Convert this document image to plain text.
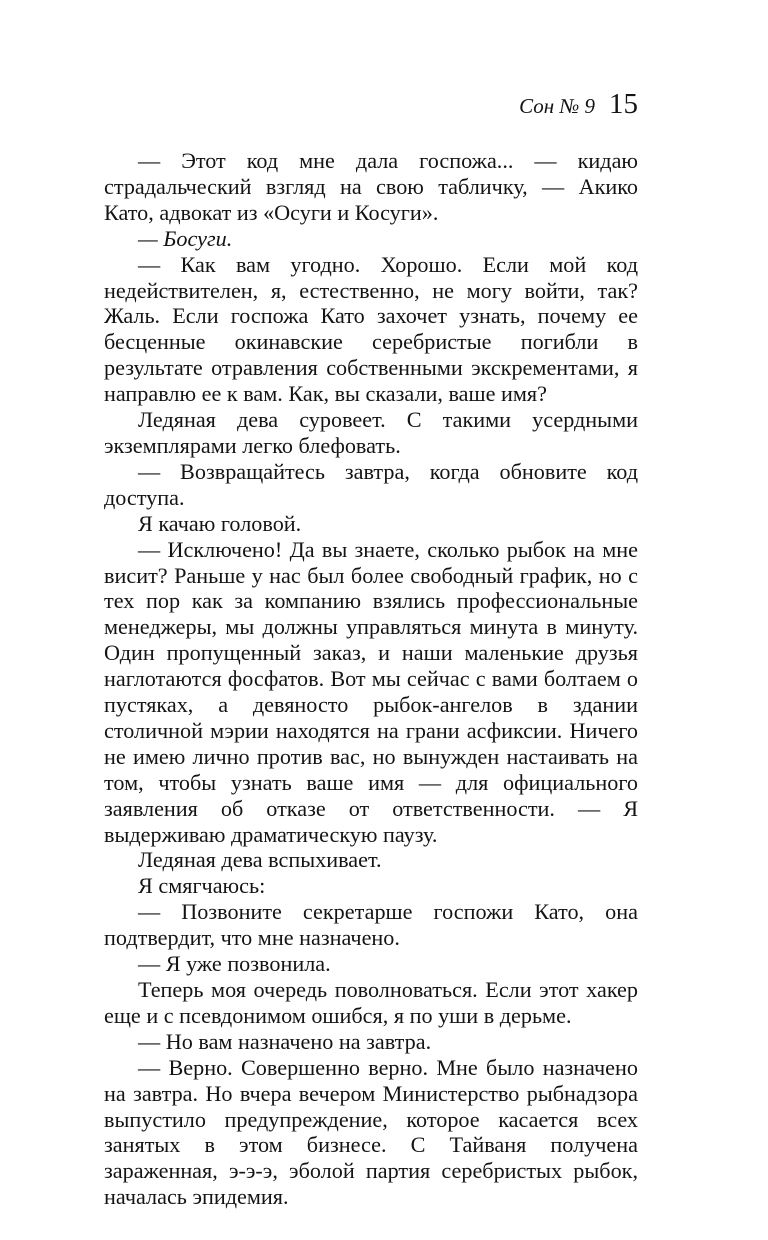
Сон № 9 15

— Этот код мне дала госпожа... — кидаю страдальческий взгляд на свою табличку, — Акико Като, адвокат из «Осуги и Косуги».

— Босуги.

— Как вам угодно. Хорошо. Если мой код недействителен, я, естественно, не могу войти, так? Жаль. Если госпожа Като захочет узнать, почему ее бесценные окинавские серебристые погибли в результате отравления собственными экскрементами, я направлю ее к вам. Как, вы сказали, ваше имя?

Ледяная дева суровеет. С такими усердными экземплярами легко блефовать.

— Возвращайтесь завтра, когда обновите код доступа.

Я качаю головой.

— Исключено! Да вы знаете, сколько рыбок на мне висит? Раньше у нас был более свободный график, но с тех пор как за компанию взялись профессиональные менеджеры, мы должны управляться минута в минуту. Один пропущенный заказ, и наши маленькие друзья наглотаются фосфатов. Вот мы сейчас с вами болтаем о пустяках, а девяносто рыбок-ангелов в здании столичной мэрии находятся на грани асфиксии. Ничего не имею лично против вас, но вынужден настаивать на том, чтобы узнать ваше имя — для официального заявления об отказе от ответственности. — Я выдерживаю драматическую паузу.

Ледяная дева вспыхивает.

Я смягчаюсь:

— Позвоните секретарше госпожи Като, она подтвердит, что мне назначено.

— Я уже позвонила.

Теперь моя очередь поволноваться. Если этот хакер еще и с псевдонимом ошибся, я по уши в дерьме.

— Но вам назначено на завтра.

— Верно. Совершенно верно. Мне было назначено на завтра. Но вчера вечером Министерство рыбнадзора выпустило предупреждение, которое касается всех занятых в этом бизнесе. С Тайваня получена зараженная, э-э-э, эболой партия серебристых рыбок, началась эпидемия.
